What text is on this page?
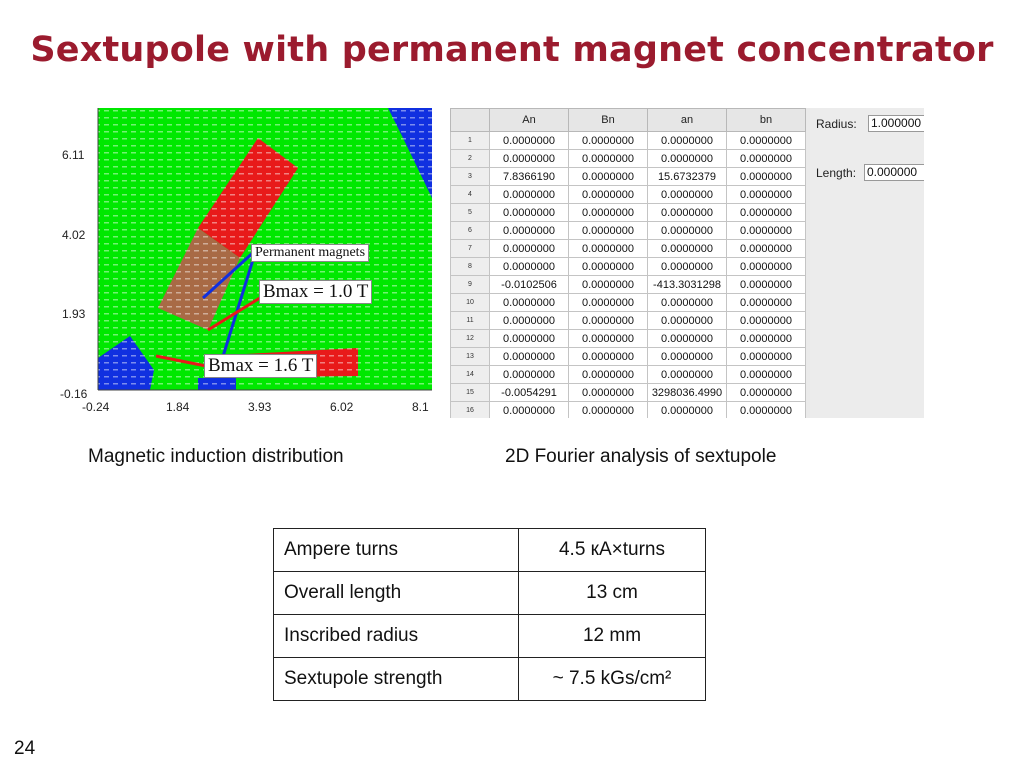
Sextupole with permanent magnet concentrator
6.11
4.02
1.93
-0.16
-0.24	1.84	3.93	6.02	8.1
Permanent magnets
Bmax = 1.0 T
Bmax = 1.6 T
	An	Bn	an	bn
1	0.0000000	0.0000000	0.0000000	0.0000000
2	0.0000000	0.0000000	0.0000000	0.0000000
3	7.8366190	0.0000000	15.6732379	0.0000000
4	0.0000000	0.0000000	0.0000000	0.0000000
5	0.0000000	0.0000000	0.0000000	0.0000000
6	0.0000000	0.0000000	0.0000000	0.0000000
7	0.0000000	0.0000000	0.0000000	0.0000000
8	0.0000000	0.0000000	0.0000000	0.0000000
9	-0.0102506	0.0000000	-413.3031298	0.0000000
10	0.0000000	0.0000000	0.0000000	0.0000000
11	0.0000000	0.0000000	0.0000000	0.0000000
12	0.0000000	0.0000000	0.0000000	0.0000000
13	0.0000000	0.0000000	0.0000000	0.0000000
14	0.0000000	0.0000000	0.0000000	0.0000000
15	-0.0054291	0.0000000	3298036.4990	0.0000000
16	0.0000000	0.0000000	0.0000000	0.0000000
Radius: 1.000000
Length: 0.000000
Magnetic induction distribution	2D Fourier analysis of sextupole
Ampere turns	4.5 кА×turns
Overall length	13 cm
Inscribed radius	12 mm
Sextupole strength	~ 7.5 kGs/cm²
24
